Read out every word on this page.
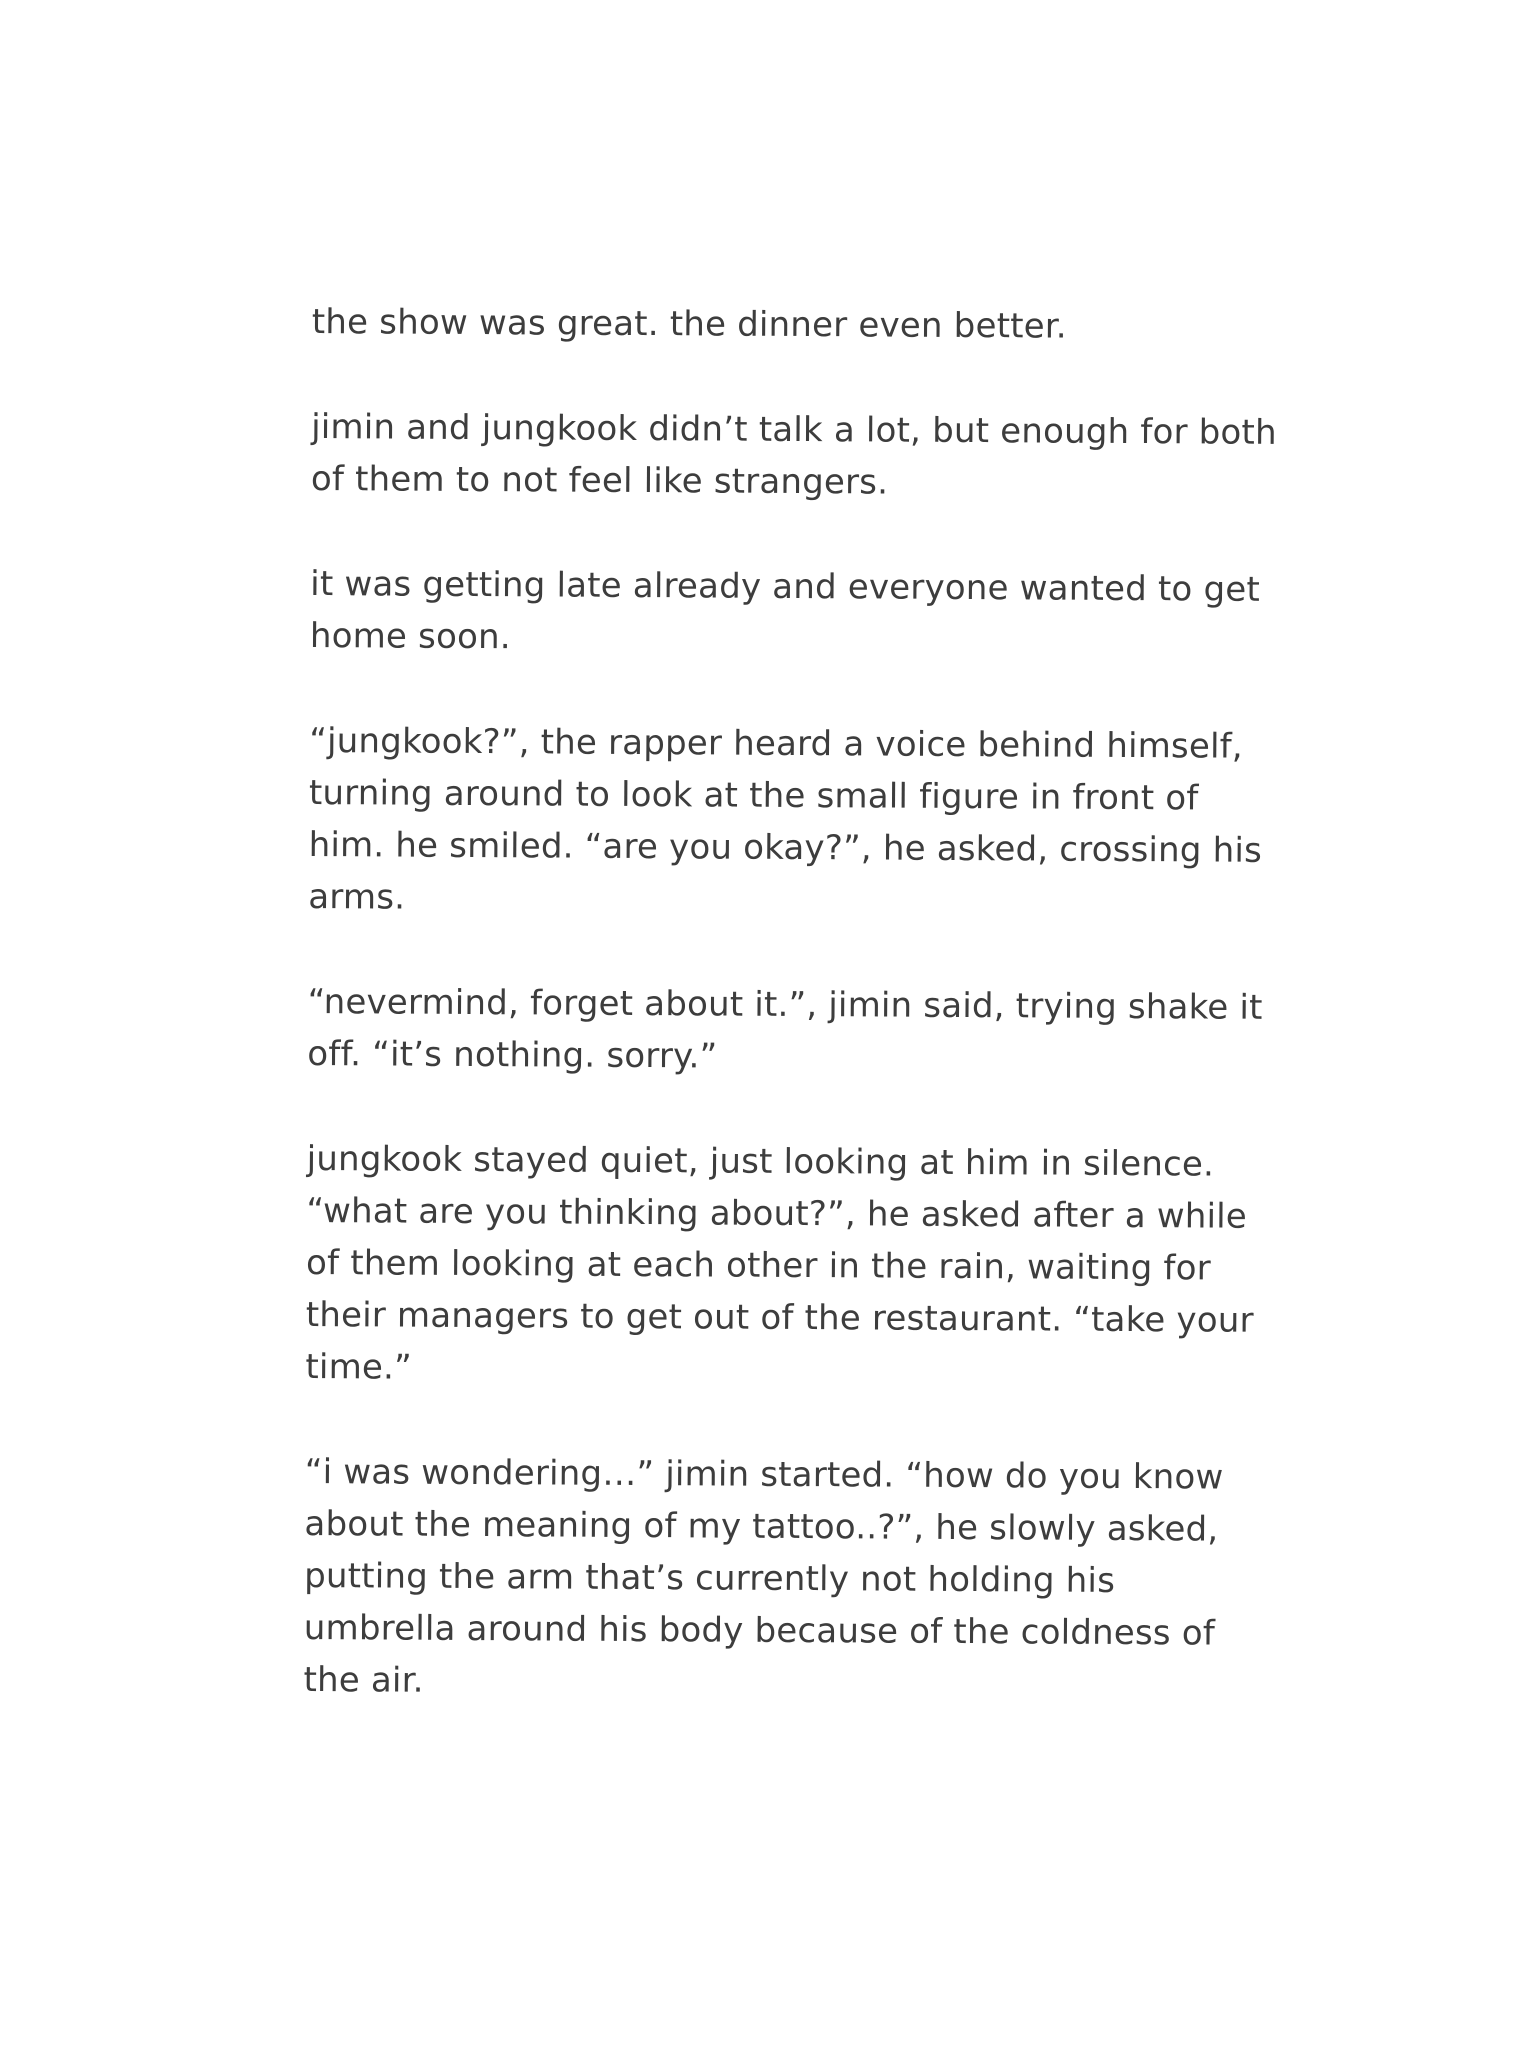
the show was great. the dinner even better.

jimin and jungkook didn’t talk a lot, but enough for both
of them to not feel like strangers.

it was getting late already and everyone wanted to get
home soon.

“jungkook?”, the rapper heard a voice behind himself,
turning around to look at the small figure in front of
him. he smiled. “are you okay?”, he asked, crossing his
arms.

“nevermind, forget about it.”, jimin said, trying shake it
off. “it’s nothing. sorry.”

jungkook stayed quiet, just looking at him in silence.
“what are you thinking about?”, he asked after a while
of them looking at each other in the rain, waiting for
their managers to get out of the restaurant. “take your
time.”

“i was wondering…” jimin started. “how do you know
about the meaning of my tattoo..?”, he slowly asked,
putting the arm that’s currently not holding his
umbrella around his body because of the coldness of
the air.
